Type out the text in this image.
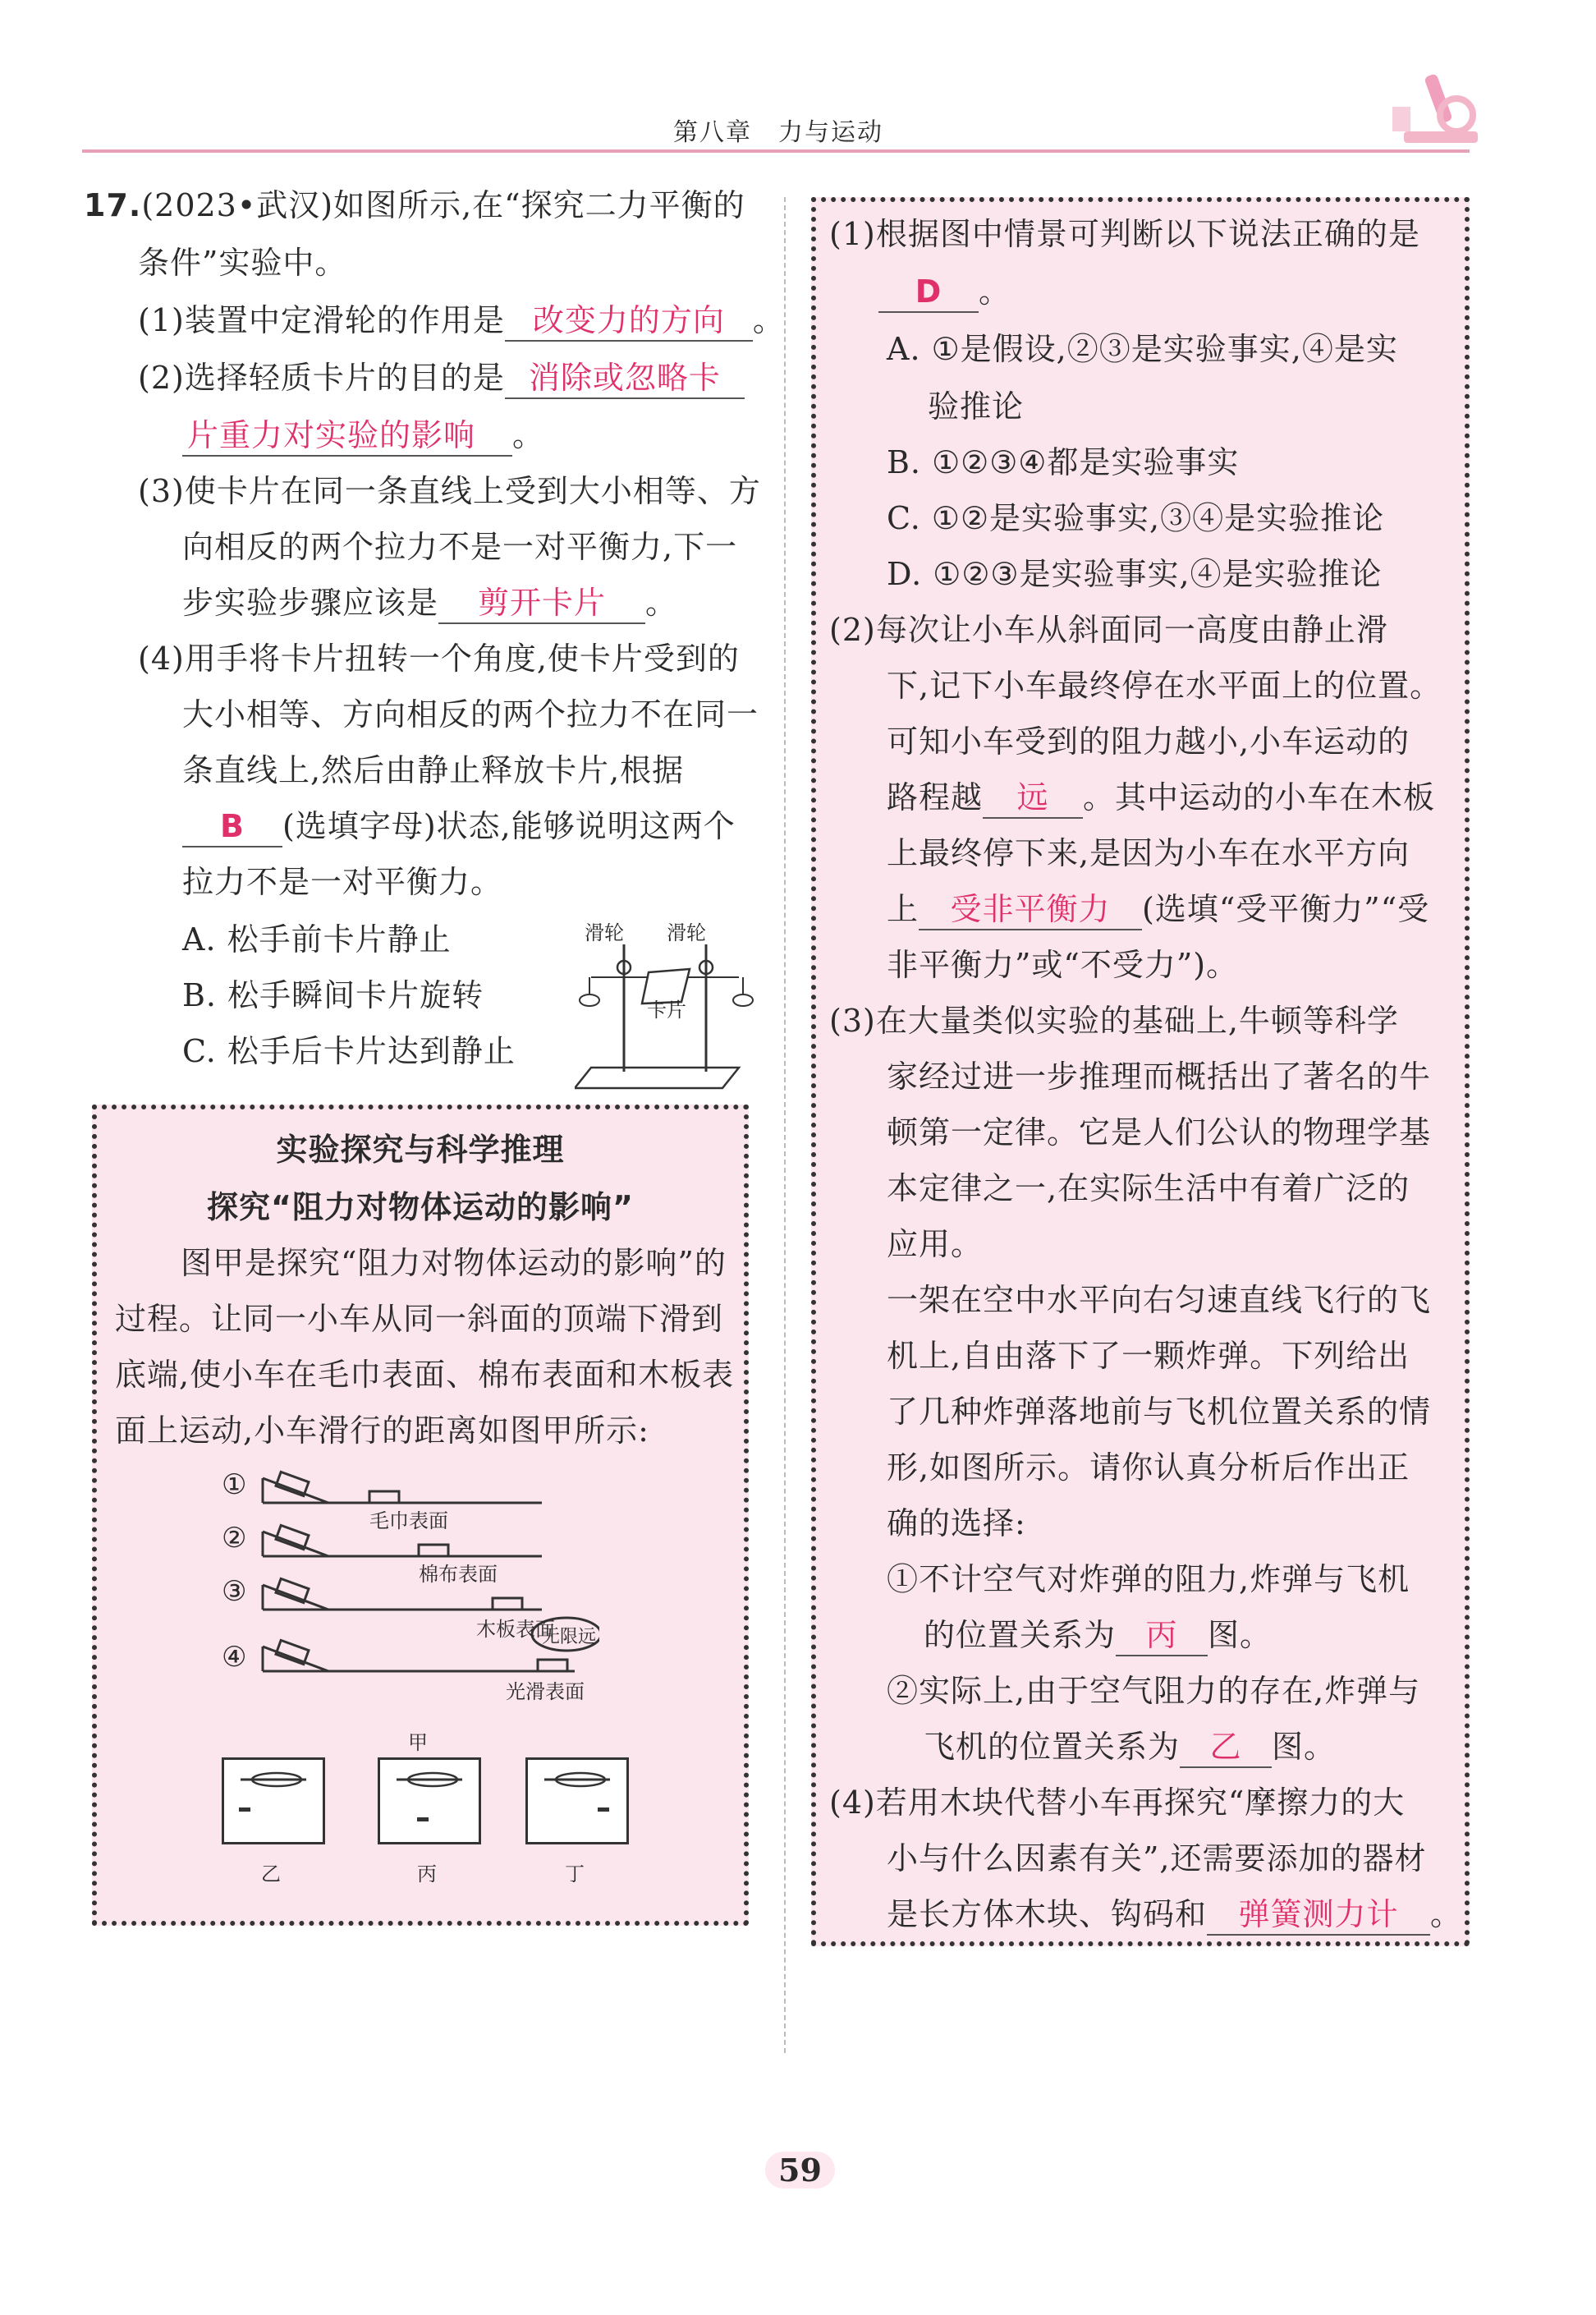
第八章　力与运动
17.(2023•武汉)如图所示,在“探究二力平衡的
条件”实验中。
(1)装置中定滑轮的作用是 改变力的方向 。
(2)选择轻质卡片的目的是 消除或忽略卡
片重力对实验的影响 。
(3)使卡片在同一条直线上受到大小相等、方
向相反的两个拉力不是一对平衡力,下一
步实验步骤应该是 剪开卡片 。
(4)用手将卡片扭转一个角度,使卡片受到的
大小相等、方向相反的两个拉力不在同一
条直线上,然后由静止释放卡片,根据
B (选填字母)状态,能够说明这两个
拉力不是一对平衡力。
A. 松手前卡片静止
B. 松手瞬间卡片旋转
C. 松手后卡片达到静止
滑轮 滑轮
卡片
实验探究与科学推理
探究“阻力对物体运动的影响”
图甲是探究“阻力对物体运动的影响”的
过程。让同一小车从同一斜面的顶端下滑到
底端,使小车在毛巾表面、棉布表面和木板表
面上运动,小车滑行的距离如图甲所示:
①
毛巾表面
②
棉布表面
③
木板表面
④
无限远
光滑表面
甲
乙	丙	丁
(1)根据图中情景可判断以下说法正确的是
D 。
A. ①是假设,②③是实验事实,④是实
验推论
B. ①②③④都是实验事实
C. ①②是实验事实,③④是实验推论
D. ①②③是实验事实,④是实验推论
(2)每次让小车从斜面同一高度由静止滑
下,记下小车最终停在水平面上的位置。
可知小车受到的阻力越小,小车运动的
路程越 远 。其中运动的小车在木板
上最终停下来,是因为小车在水平方向
上 受非平衡力 (选填“受平衡力”“受
非平衡力”或“不受力”)。
(3)在大量类似实验的基础上,牛顿等科学
家经过进一步推理而概括出了著名的牛
顿第一定律。它是人们公认的物理学基
本定律之一,在实际生活中有着广泛的
应用。
一架在空中水平向右匀速直线飞行的飞
机上,自由落下了一颗炸弹。下列给出
了几种炸弹落地前与飞机位置关系的情
形,如图所示。请你认真分析后作出正
确的选择:
①不计空气对炸弹的阻力,炸弹与飞机
的位置关系为 丙 图。
②实际上,由于空气阻力的存在,炸弹与
飞机的位置关系为 乙 图。
(4)若用木块代替小车再探究“摩擦力的大
小与什么因素有关”,还需要添加的器材
是长方体木块、钩码和 弹簧测力计 。
59
